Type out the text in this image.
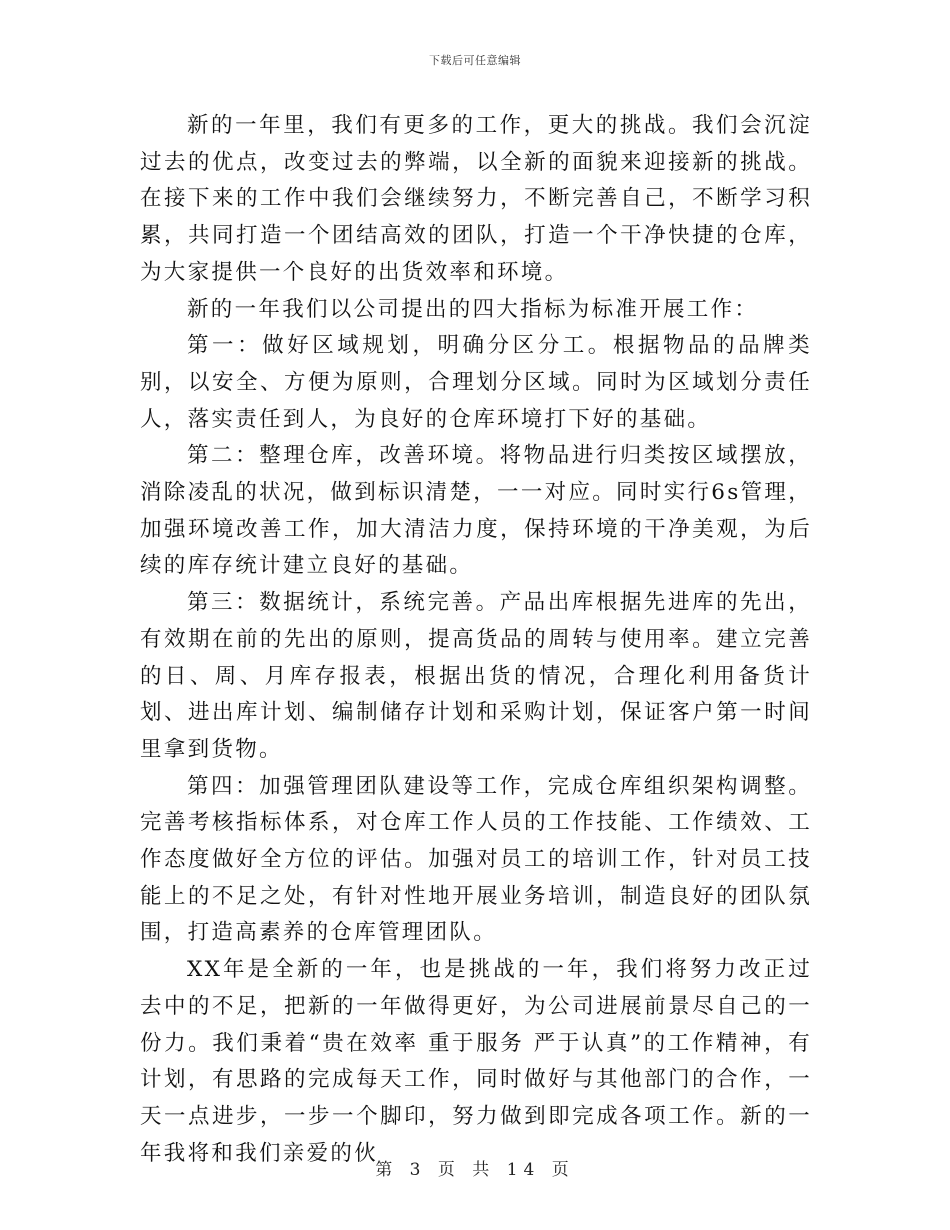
下载后可任意编辑

新的一年里，我们有更多的工作，更大的挑战。我们会沉淀过去的优点，改变过去的弊端，以全新的面貌来迎接新的挑战。在接下来的工作中我们会继续努力，不断完善自己，不断学习积累，共同打造一个团结高效的团队，打造一个干净快捷的仓库，为大家提供一个良好的出货效率和环境。

新的一年我们以公司提出的四大指标为标准开展工作：

第一：做好区域规划，明确分区分工。根据物品的品牌类别，以安全、方便为原则，合理划分区域。同时为区域划分责任人，落实责任到人，为良好的仓库环境打下好的基础。

第二：整理仓库，改善环境。将物品进行归类按区域摆放，消除凌乱的状况，做到标识清楚，一一对应。同时实行6s管理，加强环境改善工作，加大清洁力度，保持环境的干净美观，为后续的库存统计建立良好的基础。

第三：数据统计，系统完善。产品出库根据先进库的先出，有效期在前的先出的原则，提高货品的周转与使用率。建立完善的日、周、月库存报表，根据出货的情况，合理化利用备货计划、进出库计划、编制储存计划和采购计划，保证客户第一时间里拿到货物。

第四：加强管理团队建设等工作，完成仓库组织架构调整。完善考核指标体系，对仓库工作人员的工作技能、工作绩效、工作态度做好全方位的评估。加强对员工的培训工作，针对员工技能上的不足之处，有针对性地开展业务培训，制造良好的团队氛围，打造高素养的仓库管理团队。

XX年是全新的一年，也是挑战的一年，我们将努力改正过去中的不足，把新的一年做得更好，为公司进展前景尽自己的一份力。我们秉着“贵在效率 重于服务 严于认真”的工作精神，有计划，有思路的完成每天工作，同时做好与其他部门的合作，一天一点进步，一步一个脚印，努力做到即完成各项工作。新的一年我将和我们亲爱的伙

第 3 页 共 14 页
